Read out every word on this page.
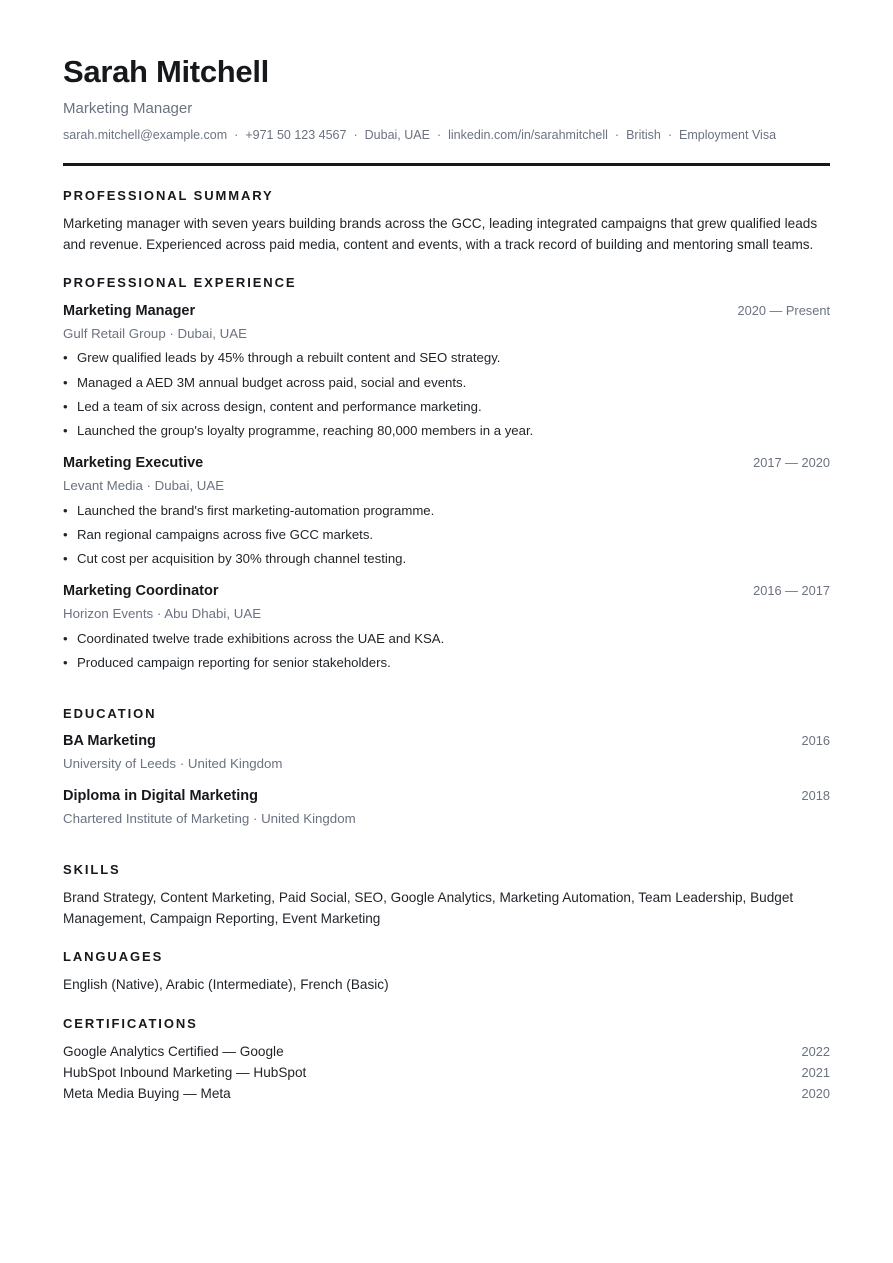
Sarah Mitchell
Marketing Manager
sarah.mitchell@example.com · +971 50 123 4567 · Dubai, UAE · linkedin.com/in/sarahmitchell · British · Employment Visa
PROFESSIONAL SUMMARY
Marketing manager with seven years building brands across the GCC, leading integrated campaigns that grew qualified leads and revenue. Experienced across paid media, content and events, with a track record of building and mentoring small teams.
PROFESSIONAL EXPERIENCE
Marketing Manager	2020 — Present
Gulf Retail Group · Dubai, UAE
• Grew qualified leads by 45% through a rebuilt content and SEO strategy.
• Managed a AED 3M annual budget across paid, social and events.
• Led a team of six across design, content and performance marketing.
• Launched the group's loyalty programme, reaching 80,000 members in a year.
Marketing Executive	2017 — 2020
Levant Media · Dubai, UAE
• Launched the brand's first marketing-automation programme.
• Ran regional campaigns across five GCC markets.
• Cut cost per acquisition by 30% through channel testing.
Marketing Coordinator	2016 — 2017
Horizon Events · Abu Dhabi, UAE
• Coordinated twelve trade exhibitions across the UAE and KSA.
• Produced campaign reporting for senior stakeholders.
EDUCATION
BA Marketing	2016
University of Leeds · United Kingdom
Diploma in Digital Marketing	2018
Chartered Institute of Marketing · United Kingdom
SKILLS
Brand Strategy, Content Marketing, Paid Social, SEO, Google Analytics, Marketing Automation, Team Leadership, Budget Management, Campaign Reporting, Event Marketing
LANGUAGES
English (Native), Arabic (Intermediate), French (Basic)
CERTIFICATIONS
Google Analytics Certified — Google	2022
HubSpot Inbound Marketing — HubSpot	2021
Meta Media Buying — Meta	2020
